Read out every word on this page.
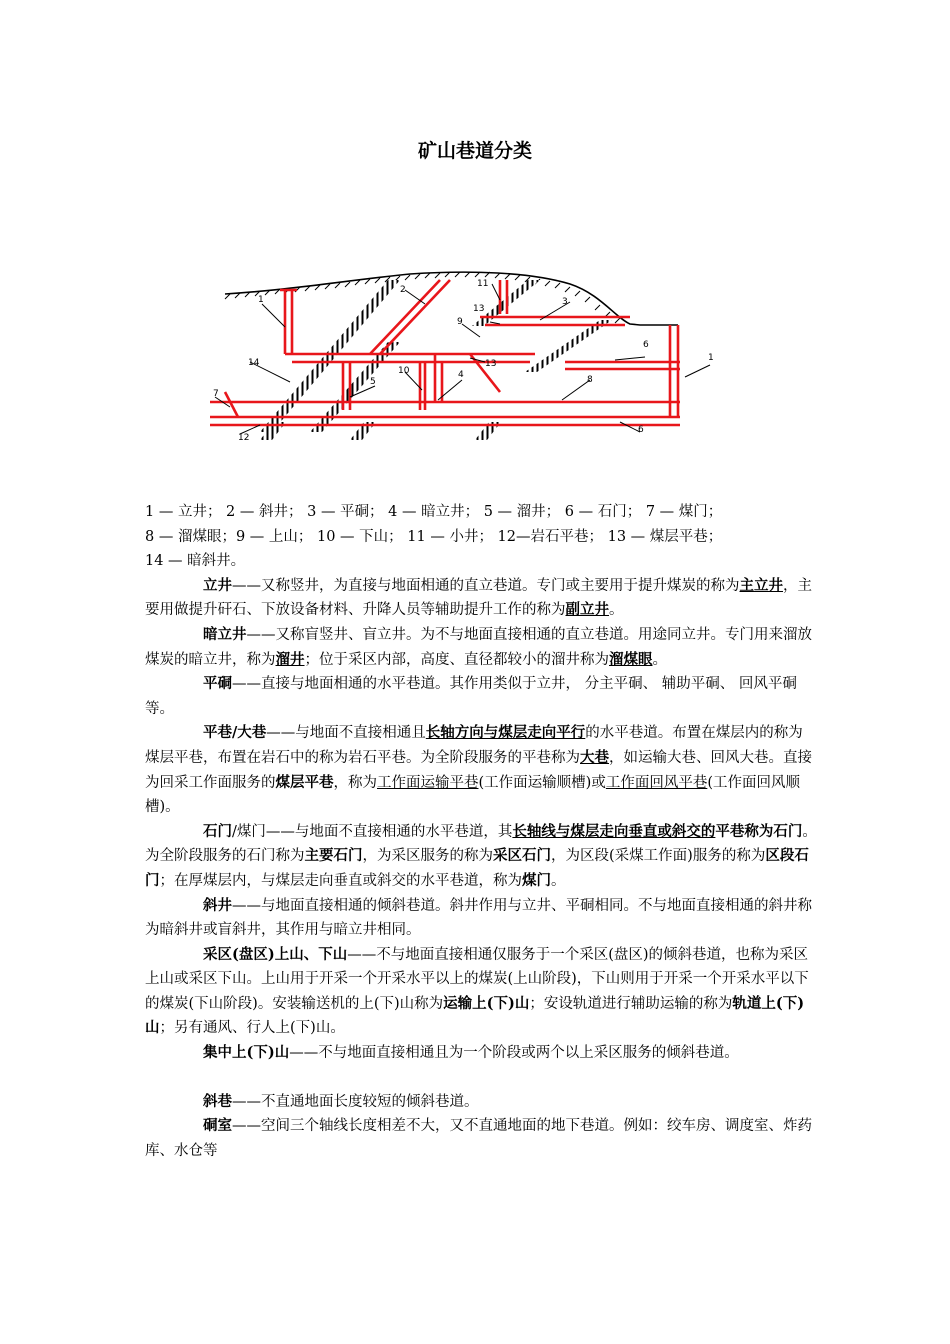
矿山巷道分类
1
2
3
4
5
6
7
8
9
10
11
12
13
14	1
6
13

1 — 立井； 2 — 斜井； 3 — 平硐； 4 — 暗立井； 5 — 溜井； 6 — 石门； 7 — 煤门；

8 — 溜煤眼；9 — 上山； 10 — 下山； 11 — 小井； 12—岩石平巷； 13 — 煤层平巷；

14 — 暗斜井。

立井——又称竖井，为直接与地面相通的直立巷道。专门或主要用于提升煤炭的称为主立井，主要用做提升矸石、下放设备材料、升降人员等辅助提升工作的称为副立井。

暗立井——又称盲竖井、盲立井。为不与地面直接相通的直立巷道。用途同立井。专门用来溜放煤炭的暗立井，称为溜井；位于采区内部，高度、直径都较小的溜井称为溜煤眼。

平硐——直接与地面相通的水平巷道。其作用类似于立井， 分主平硐、 辅助平硐、 回风平硐等。

平巷/大巷——与地面不直接相通且长轴方向与煤层走向平行的水平巷道。布置在煤层内的称为煤层平巷，布置在岩石中的称为岩石平巷。为全阶段服务的平巷称为大巷，如运输大巷、回风大巷。直接为回采工作面服务的煤层平巷，称为工作面运输平巷(工作面运输顺槽)或工作面回风平巷(工作面回风顺槽)。

石门/煤门——与地面不直接相通的水平巷道，其长轴线与煤层走向垂直或斜交的平巷称为石门。为全阶段服务的石门称为主要石门，为采区服务的称为采区石门，为区段(采煤工作面)服务的称为区段石门；在厚煤层内，与煤层走向垂直或斜交的水平巷道，称为煤门。

斜井——与地面直接相通的倾斜巷道。斜井作用与立井、平硐相同。不与地面直接相通的斜井称为暗斜井或盲斜井，其作用与暗立井相同。

采区(盘区)上山、下山——不与地面直接相通仅服务于一个采区(盘区)的倾斜巷道，也称为采区上山或采区下山。上山用于开采一个开采水平以上的煤炭(上山阶段)，下山则用于开采一个开采水平以下的煤炭(下山阶段)。安装输送机的上(下)山称为运输上(下)山；安设轨道进行辅助运输的称为轨道上(下)山；另有通风、行人上(下)山。

集中上(下)山——不与地面直接相通且为一个阶段或两个以上采区服务的倾斜巷道。

斜巷——不直通地面长度较短的倾斜巷道。

硐室——空间三个轴线长度相差不大，又不直通地面的地下巷道。例如：绞车房、调度室、炸药库、水仓等
